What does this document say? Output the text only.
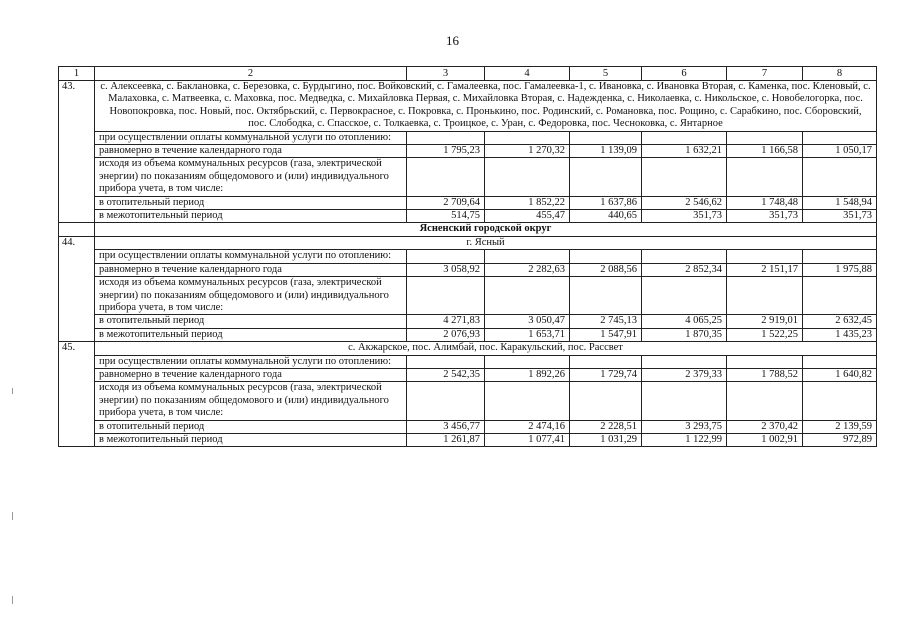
16
1	2	3	4	5	6	7	8
43.	с. Алексеевка, с. Баклановка, с. Березовка, с. Бурдыгино, пос. Войковский, с. Гамалеевка, пос. Гамалеевка-1, с. Ивановка, с. Ивановка Вторая, с. Каменка, пос. Кленовый, с. Малаховка, с. Матвеевка, с. Маховка, пос. Медведка, с. Михайловка Первая, с. Михайловка Вторая, с. Надежденка, с. Николаевка, с. Никольское, с. Новобелогорка, пос. Новопокровка, пос. Новый, пос. Октябрьский, с. Первокрасное, с. Покровка, с. Пронькино, пос. Родинский, с. Романовка, пос. Рощино, с. Сарабкино, пос. Сборовский, пос. Слободка, с. Спасское, с. Толкаевка, с. Троицкое, с. Уран, с. Федоровка, пос. Чесноковка, с. Янтарное						
	при осуществлении оплаты коммунальной услуги по отоплению:						
	равномерно в течение календарного года	1 795,23	1 270,32	1 139,09	1 632,21	1 166,58	1 050,17
	исходя из объема коммунальных ресурсов (газа, электрической энергии) по показаниям общедомового и (или) индивидуального прибора учета, в том числе:						
	в отопительный период	2 709,64	1 852,22	1 637,86	2 546,62	1 748,48	1 548,94
	в межотопительный период	514,75	455,47	440,65	351,73	351,73	351,73
	Ясненский городской округ						
44.	г. Ясный						
	при осуществлении оплаты коммунальной услуги по отоплению:						
	равномерно в течение календарного года	3 058,92	2 282,63	2 088,56	2 852,34	2 151,17	1 975,88
	исходя из объема коммунальных ресурсов (газа, электрической энергии) по показаниям общедомового и (или) индивидуального прибора учета, в том числе:						
	в отопительный период	4 271,83	3 050,47	2 745,13	4 065,25	2 919,01	2 632,45
	в межотопительный период	2 076,93	1 653,71	1 547,91	1 870,35	1 522,25	1 435,23
45.	с. Акжарское, пос. Алимбай, пос. Каракульский, пос. Рассвет						
	при осуществлении оплаты коммунальной услуги по отоплению:						
	равномерно в течение календарного года	2 542,35	1 892,26	1 729,74	2 379,33	1 788,52	1 640,82
	исходя из объема коммунальных ресурсов (газа, электрической энергии) по показаниям общедомового и (или) индивидуального прибора учета, в том числе:						
	в отопительный период	3 456,77	2 474,16	2 228,51	3 293,75	2 370,42	2 139,59
	в межотопительный период	1 261,87	1 077,41	1 031,29	1 122,99	1 002,91	972,89
